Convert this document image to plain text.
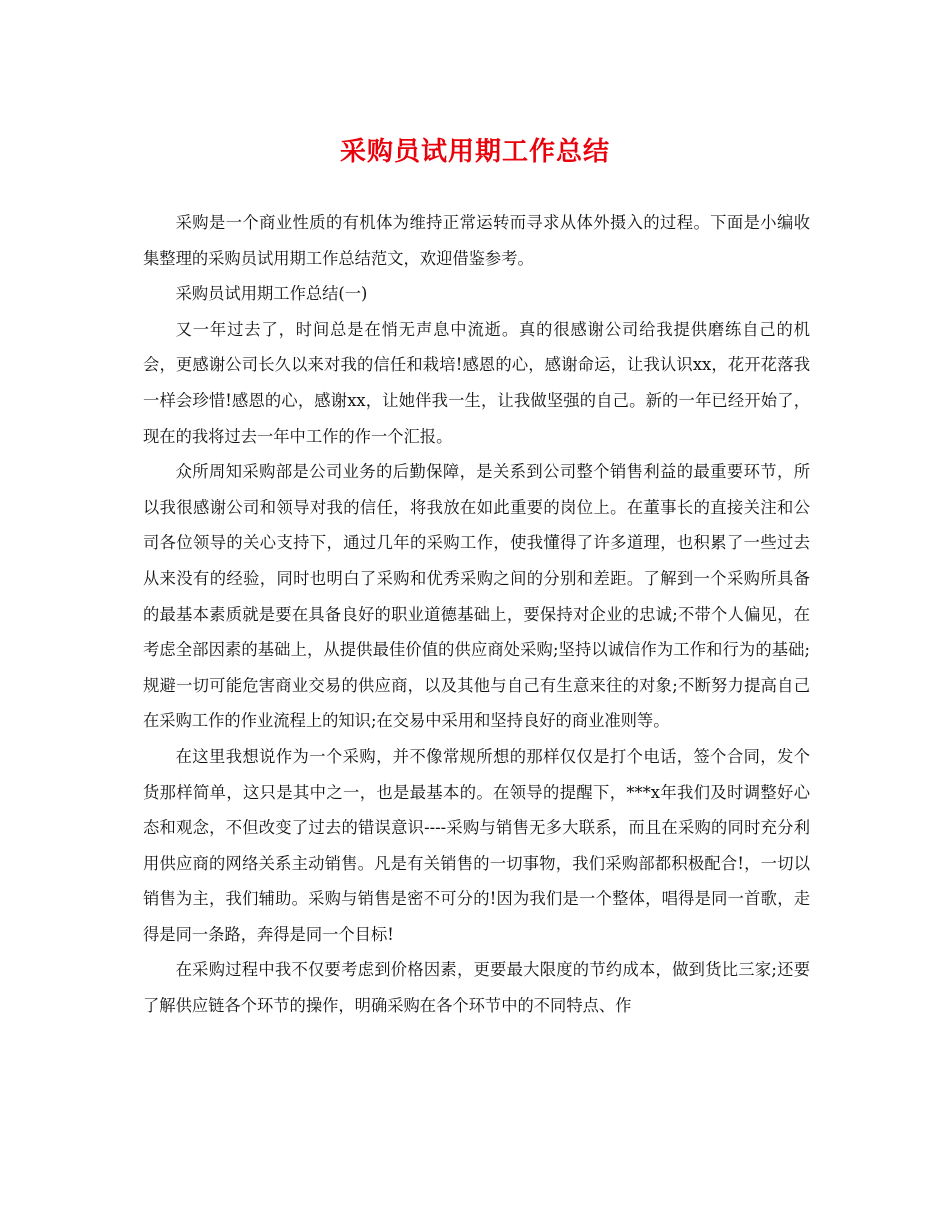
采购员试用期工作总结

采购是一个商业性质的有机体为维持正常运转而寻求从体外摄入的过程。下面是小编收集整理的采购员试用期工作总结范文，欢迎借鉴参考。

采购员试用期工作总结(一)

又一年过去了，时间总是在悄无声息中流逝。真的很感谢公司给我提供磨练自己的机会，更感谢公司长久以来对我的信任和栽培!感恩的心，感谢命运，让我认识xx，花开花落我一样会珍惜!感恩的心，感谢xx，让她伴我一生，让我做坚强的自己。新的一年已经开始了，现在的我将过去一年中工作的作一个汇报。

众所周知采购部是公司业务的后勤保障，是关系到公司整个销售利益的最重要环节，所以我很感谢公司和领导对我的信任，将我放在如此重要的岗位上。在董事长的直接关注和公司各位领导的关心支持下，通过几年的采购工作，使我懂得了许多道理，也积累了一些过去从来没有的经验，同时也明白了采购和优秀采购之间的分别和差距。了解到一个采购所具备的最基本素质就是要在具备良好的职业道德基础上，要保持对企业的忠诚;不带个人偏见，在考虑全部因素的基础上，从提供最佳价值的供应商处采购;坚持以诚信作为工作和行为的基础;规避一切可能危害商业交易的供应商，以及其他与自己有生意来往的对象;不断努力提高自己在采购工作的作业流程上的知识;在交易中采用和坚持良好的商业准则等。

在这里我想说作为一个采购，并不像常规所想的那样仅仅是打个电话，签个合同，发个货那样简单，这只是其中之一，也是最基本的。在领导的提醒下，***x年我们及时调整好心态和观念，不但改变了过去的错误意识----采购与销售无多大联系，而且在采购的同时充分利用供应商的网络关系主动销售。凡是有关销售的一切事物，我们采购部都积极配合!，一切以销售为主，我们辅助。采购与销售是密不可分的!因为我们是一个整体，唱得是同一首歌，走得是同一条路，奔得是同一个目标!

在采购过程中我不仅要考虑到价格因素，更要最大限度的节约成本，做到货比三家;还要了解供应链各个环节的操作，明确采购在各个环节中的不同特点、作
